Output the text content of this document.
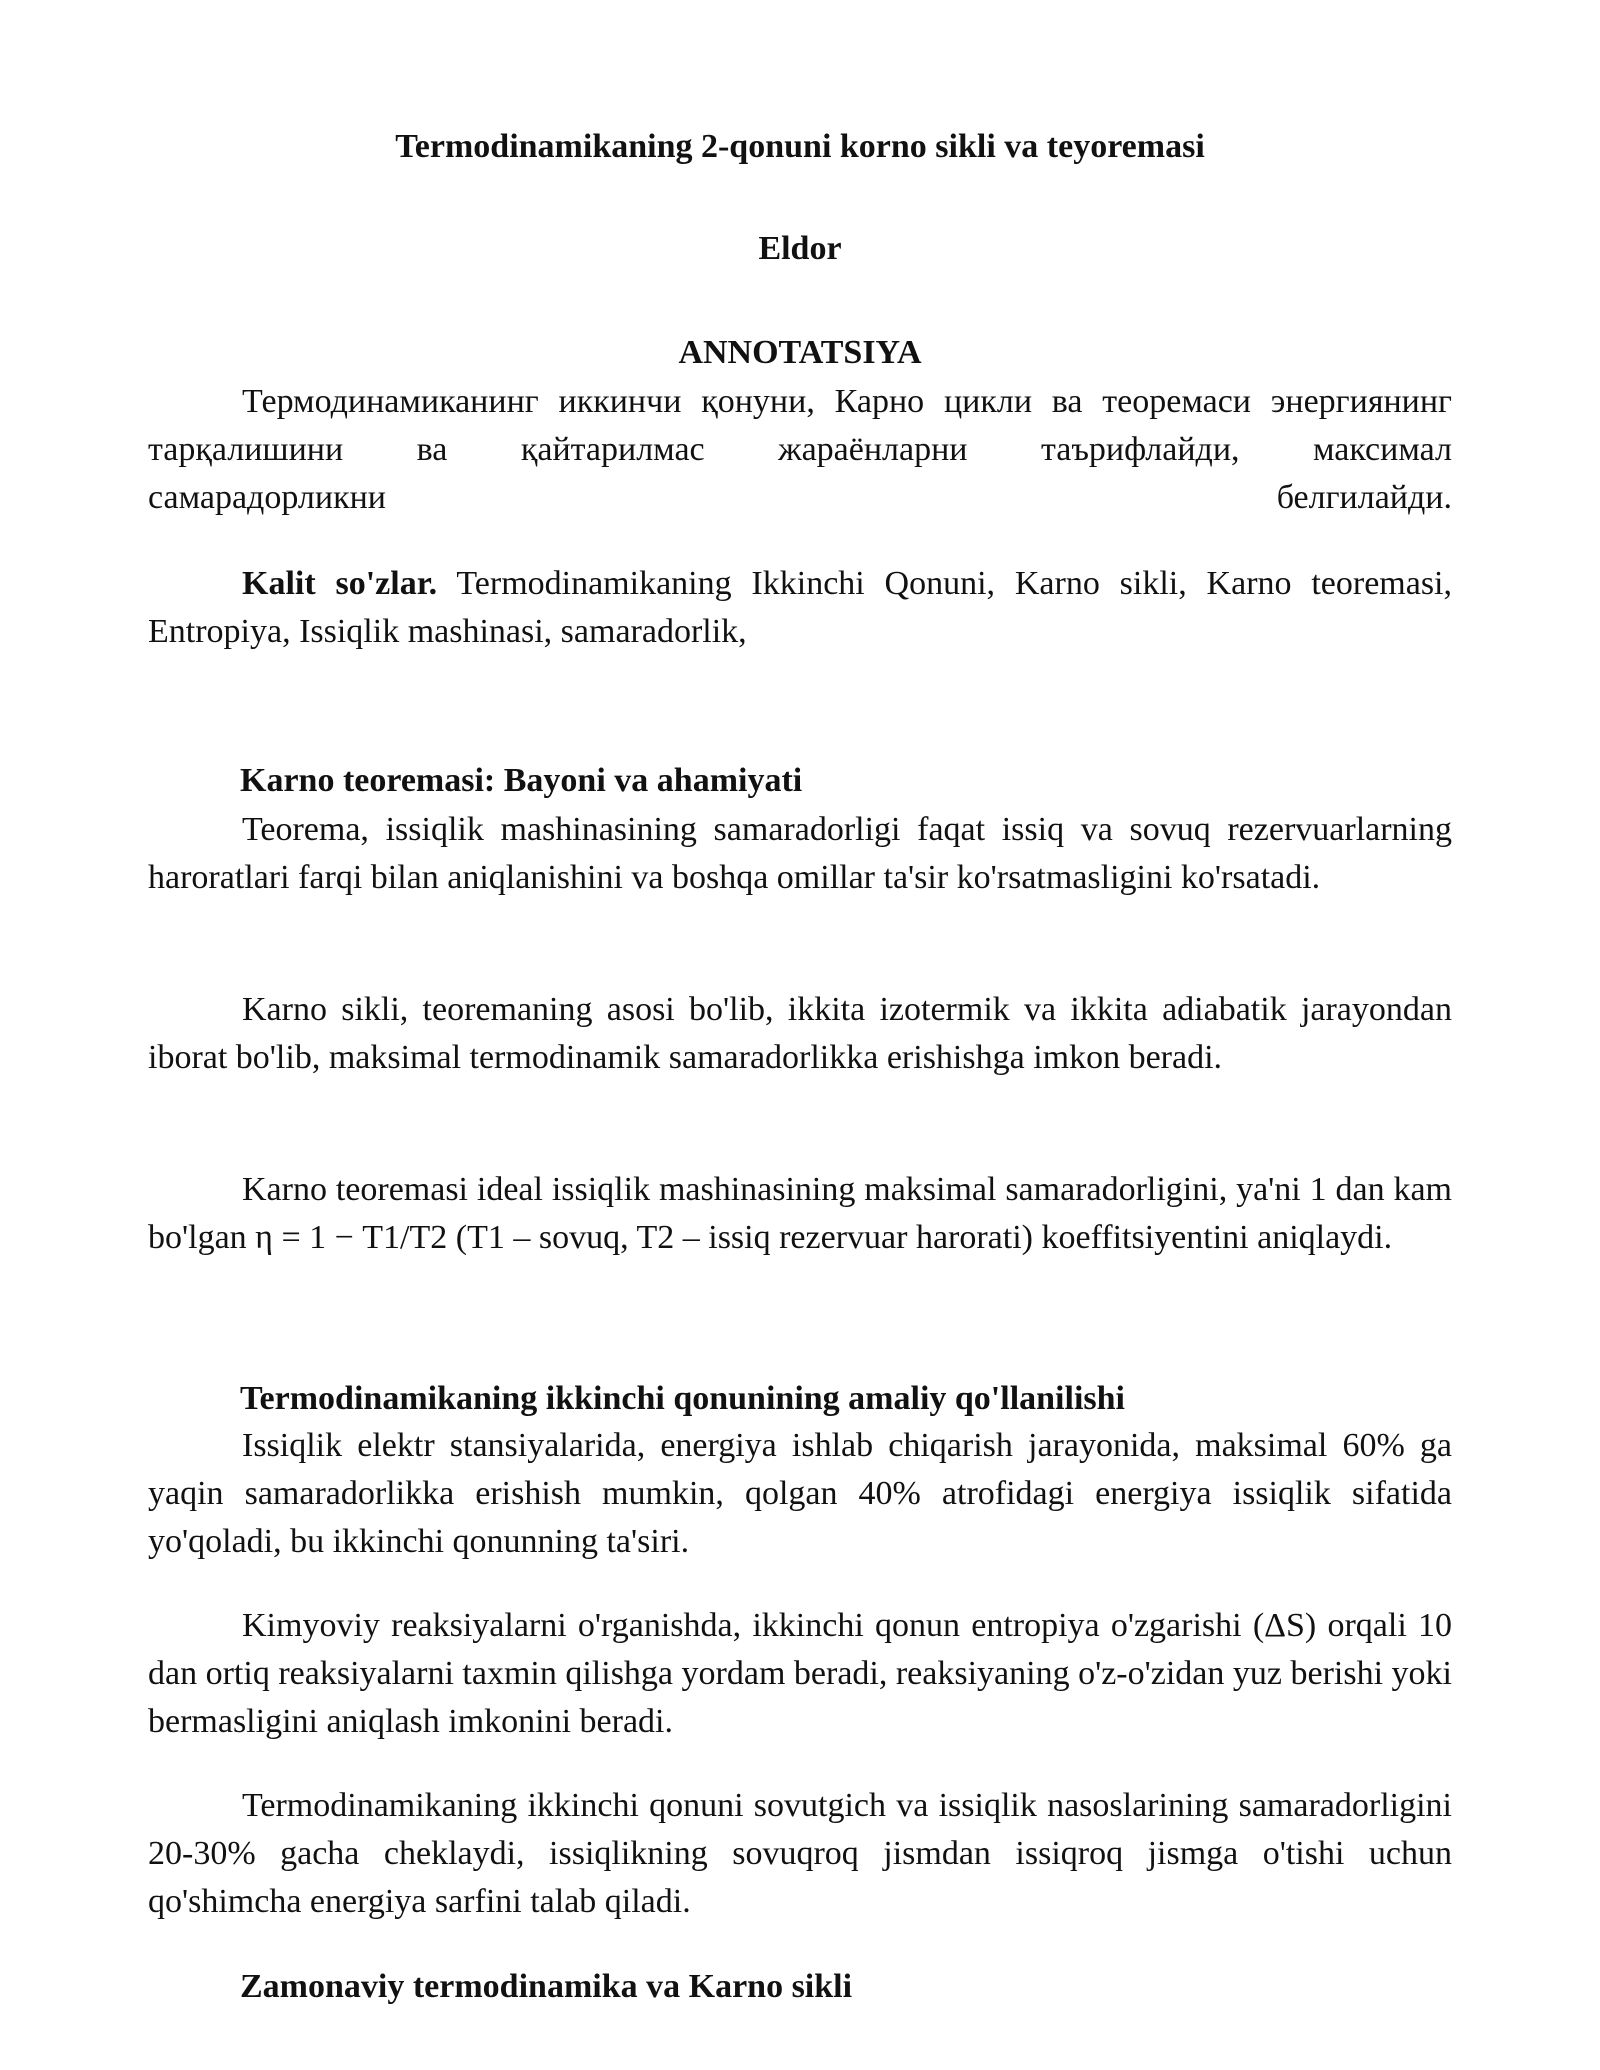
Termodinamikaning 2-qonuni korno sikli va teyoremasi
Eldor
ANNOTATSIYA
Термодинамиканинг иккинчи қонуни, Карно цикли ва теоремаси энергиянинг
тарқалишини ва қайтарилмас жараёнларни таърифлайди, максимал
самарадорликни белгилайди.

Kalit so'zlar. Termodinamikaning Ikkinchi Qonuni, Karno sikli, Karno teoremasi, Entropiya, Issiqlik mashinasi, samaradorlik,

Karno teoremasi: Bayoni va ahamiyati

Teorema, issiqlik mashinasining samaradorligi faqat issiq va sovuq rezervuarlarning haroratlari farqi bilan aniqlanishini va boshqa omillar ta'sir ko'rsatmasligini ko'rsatadi.

Karno sikli, teoremaning asosi bo'lib, ikkita izotermik va ikkita adiabatik jarayondan iborat bo'lib, maksimal termodinamik samaradorlikka erishishga imkon beradi.

Karno teoremasi ideal issiqlik mashinasining maksimal samaradorligini, ya'ni 1 dan kam bo'lgan η = 1 − T1/T2 (T1 – sovuq, T2 – issiq rezervuar harorati) koeffitsiyentini aniqlaydi.

Termodinamikaning ikkinchi qonunining amaliy qo'llanilishi

Issiqlik elektr stansiyalarida, energiya ishlab chiqarish jarayonida, maksimal 60% ga yaqin samaradorlikka erishish mumkin, qolgan 40% atrofidagi energiya issiqlik sifatida yo'qoladi, bu ikkinchi qonunning ta'siri.

Kimyoviy reaksiyalarni o'rganishda, ikkinchi qonun entropiya o'zgarishi (ΔS) orqali 10 dan ortiq reaksiyalarni taxmin qilishga yordam beradi, reaksiyaning o'z-o'zidan yuz berishi yoki bermasligini aniqlash imkonini beradi.

Termodinamikaning ikkinchi qonuni sovutgich va issiqlik nasoslarining samaradorligini 20-30% gacha cheklaydi, issiqlikning sovuqroq jismdan issiqroq jismga o'tishi uchun qo'shimcha energiya sarfini talab qiladi.

Zamonaviy termodinamika va Karno sikli
